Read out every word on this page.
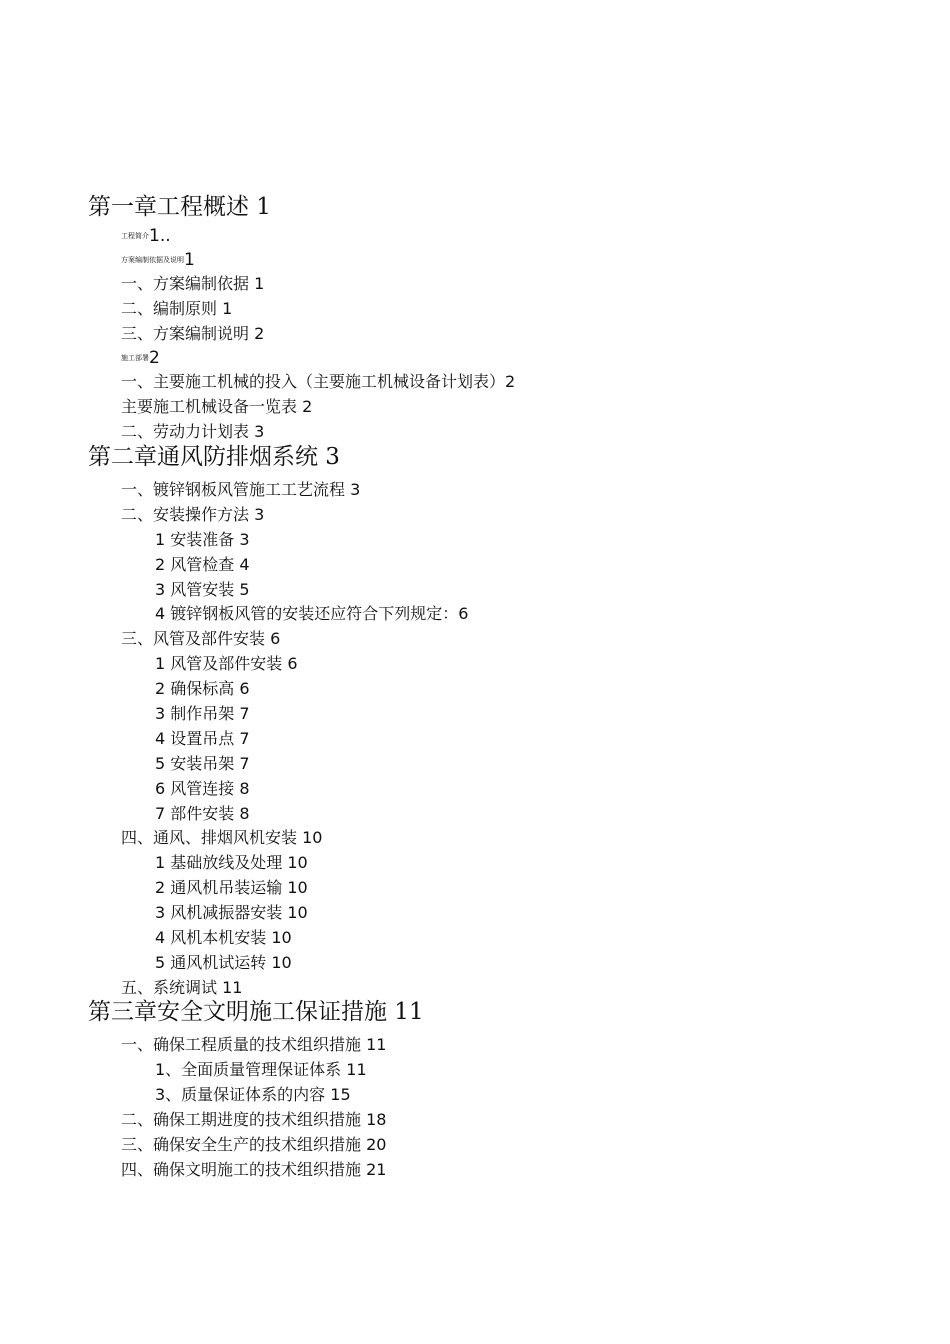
第一章工程概述 1
工程简介1..
方案编制依据及说明1
一、方案编制依据 1
二、编制原则 1
三、方案编制说明 2
施工部署2
一、主要施工机械的投入（主要施工机械设备计划表）2
主要施工机械设备一览表 2
二、劳动力计划表 3
第二章通风防排烟系统 3
一、镀锌钢板风管施工工艺流程 3
二、安装操作方法 3
1 安装准备 3
2 风管检查 4
3 风管安装 5
4 镀锌钢板风管的安装还应符合下列规定：6
三、风管及部件安装 6
1 风管及部件安装 6
2 确保标高 6
3 制作吊架 7
4 设置吊点 7
5 安装吊架 7
6 风管连接 8
7 部件安装 8
四、通风、排烟风机安装 10
1 基础放线及处理 10
2 通风机吊装运输 10
3 风机减振器安装 10
4 风机本机安装 10
5 通风机试运转 10
五、系统调试 11
第三章安全文明施工保证措施 11
一、确保工程质量的技术组织措施 11
1、全面质量管理保证体系 11
3、质量保证体系的内容 15
二、确保工期进度的技术组织措施 18
三、确保安全生产的技术组织措施 20
四、确保文明施工的技术组织措施 21
